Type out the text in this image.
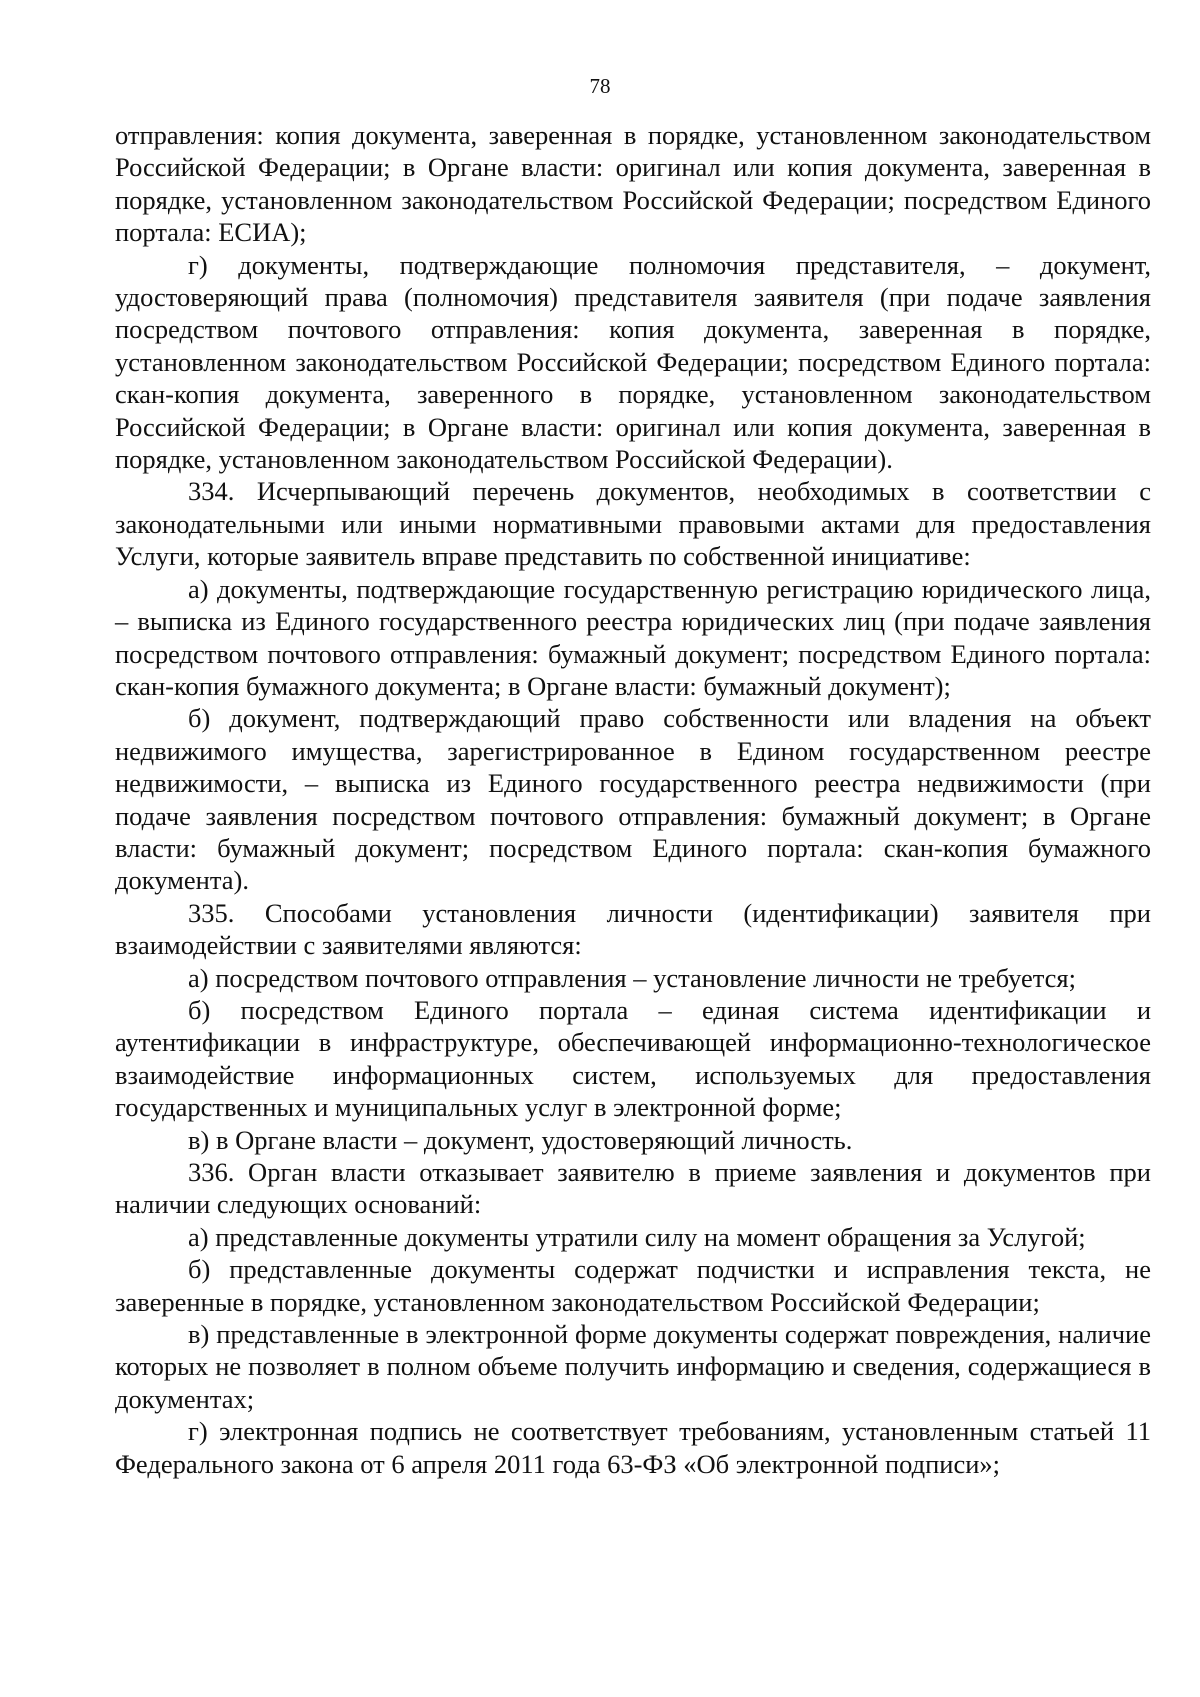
78

отправления: копия документа, заверенная в порядке, установленном законодательством Российской Федерации; в Органе власти: оригинал или копия документа, заверенная в порядке, установленном законодательством Российской Федерации; посредством Единого портала: ЕСИА);

г) документы, подтверждающие полномочия представителя, – документ, удостоверяющий права (полномочия) представителя заявителя (при подаче заявления посредством почтового отправления: копия документа, заверенная в порядке, установленном законодательством Российской Федерации; посредством Единого портала: скан-копия документа, заверенного в порядке, установленном законодательством Российской Федерации; в Органе власти: оригинал или копия документа, заверенная в порядке, установленном законодательством Российской Федерации).

334. Исчерпывающий перечень документов, необходимых в соответствии с законодательными или иными нормативными правовыми актами для предоставления Услуги, которые заявитель вправе представить по собственной инициативе:

а) документы, подтверждающие государственную регистрацию юридического лица, – выписка из Единого государственного реестра юридических лиц (при подаче заявления посредством почтового отправления: бумажный документ; посредством Единого портала: скан-копия бумажного документа; в Органе власти: бумажный документ);

б) документ, подтверждающий право собственности или владения на объект недвижимого имущества, зарегистрированное в Едином государственном реестре недвижимости, – выписка из Единого государственного реестра недвижимости (при подаче заявления посредством почтового отправления: бумажный документ; в Органе власти: бумажный документ; посредством Единого портала: скан-копия бумажного документа).

335. Способами установления личности (идентификации) заявителя при взаимодействии с заявителями являются:

а) посредством почтового отправления – установление личности не требуется;

б) посредством Единого портала – единая система идентификации и аутентификации в инфраструктуре, обеспечивающей информационно-технологическое взаимодействие информационных систем, используемых для предоставления государственных и муниципальных услуг в электронной форме;

в) в Органе власти – документ, удостоверяющий личность.

336. Орган власти отказывает заявителю в приеме заявления и документов при наличии следующих оснований:

а) представленные документы утратили силу на момент обращения за Услугой;

б) представленные документы содержат подчистки и исправления текста, не заверенные в порядке, установленном законодательством Российской Федерации;

в) представленные в электронной форме документы содержат повреждения, наличие которых не позволяет в полном объеме получить информацию и сведения, содержащиеся в документах;

г) электронная подпись не соответствует требованиям, установленным статьей 11 Федерального закона от 6 апреля 2011 года 63-ФЗ «Об электронной подписи»;
